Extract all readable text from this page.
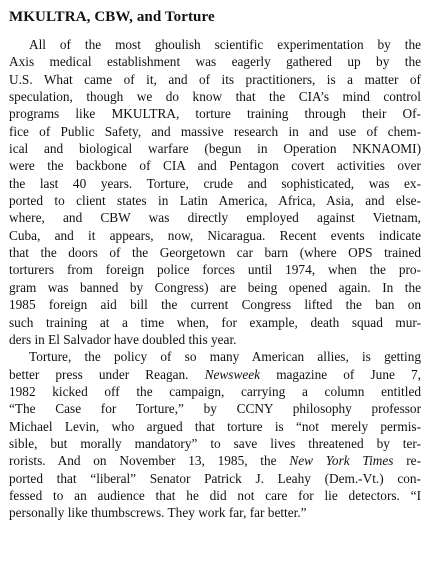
MKULTRA, CBW, and Torture
All of the most ghoulish scientific experimentation by the
Axis medical establishment was eagerly gathered up by the
U.S. What came of it, and of its practitioners, is a matter of
speculation, though we do know that the CIA’s mind control
programs like MKULTRA, torture training through their Of-
fice of Public Safety, and massive research in and use of chem-
ical and biological warfare (begun in Operation NKNAOMI)
were the backbone of CIA and Pentagon covert activities over
the last 40 years. Torture, crude and sophisticated, was ex-
ported to client states in Latin America, Africa, Asia, and else-
where, and CBW was directly employed against Vietnam,
Cuba, and it appears, now, Nicaragua. Recent events indicate
that the doors of the Georgetown car barn (where OPS trained
torturers from foreign police forces until 1974, when the pro-
gram was banned by Congress) are being opened again. In the
1985 foreign aid bill the current Congress lifted the ban on
such training at a time when, for example, death squad mur-
ders in El Salvador have doubled this year.
Torture, the policy of so many American allies, is getting
better press under Reagan. Newsweek magazine of June 7,
1982 kicked off the campaign, carrying a column entitled
“The Case for Torture,” by CCNY philosophy professor
Michael Levin, who argued that torture is “not merely permis-
sible, but morally mandatory” to save lives threatened by ter-
rorists. And on November 13, 1985, the New York Times re-
ported that “liberal” Senator Patrick J. Leahy (Dem.-Vt.) con-
fessed to an audience that he did not care for lie detectors. “I
personally like thumbscrews. They work far, far better.”
